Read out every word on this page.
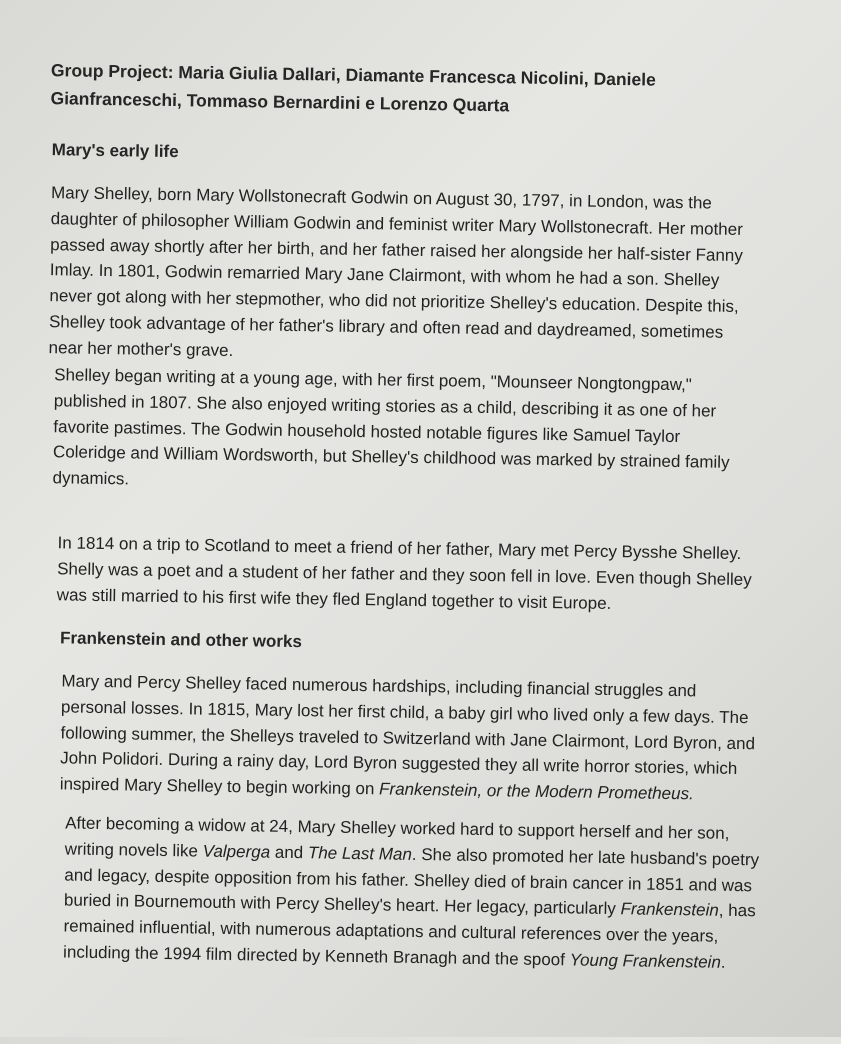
Group Project: Maria Giulia Dallari, Diamante Francesca Nicolini, Daniele
Gianfranceschi, Tommaso Bernardini e Lorenzo Quarta
Mary's early life
Mary Shelley, born Mary Wollstonecraft Godwin on August 30, 1797, in London, was the
daughter of philosopher William Godwin and feminist writer Mary Wollstonecraft. Her mother
passed away shortly after her birth, and her father raised her alongside her half-sister Fanny
Imlay. In 1801, Godwin remarried Mary Jane Clairmont, with whom he had a son. Shelley
never got along with her stepmother, who did not prioritize Shelley's education. Despite this,
Shelley took advantage of her father's library and often read and daydreamed, sometimes
near her mother's grave.
Shelley began writing at a young age, with her first poem, "Mounseer Nongtongpaw,"
published in 1807. She also enjoyed writing stories as a child, describing it as one of her
favorite pastimes. The Godwin household hosted notable figures like Samuel Taylor
Coleridge and William Wordsworth, but Shelley's childhood was marked by strained family
dynamics.
In 1814 on a trip to Scotland to meet a friend of her father, Mary met Percy Bysshe Shelley.
Shelly was a poet and a student of her father and they soon fell in love. Even though Shelley
was still married to his first wife they fled England together to visit Europe.
Frankenstein and other works
Mary and Percy Shelley faced numerous hardships, including financial struggles and
personal losses. In 1815, Mary lost her first child, a baby girl who lived only a few days. The
following summer, the Shelleys traveled to Switzerland with Jane Clairmont, Lord Byron, and
John Polidori. During a rainy day, Lord Byron suggested they all write horror stories, which
inspired Mary Shelley to begin working on Frankenstein, or the Modern Prometheus.
After becoming a widow at 24, Mary Shelley worked hard to support herself and her son,
writing novels like Valperga and The Last Man. She also promoted her late husband's poetry
and legacy, despite opposition from his father. Shelley died of brain cancer in 1851 and was
buried in Bournemouth with Percy Shelley's heart. Her legacy, particularly Frankenstein, has
remained influential, with numerous adaptations and cultural references over the years,
including the 1994 film directed by Kenneth Branagh and the spoof Young Frankenstein.
